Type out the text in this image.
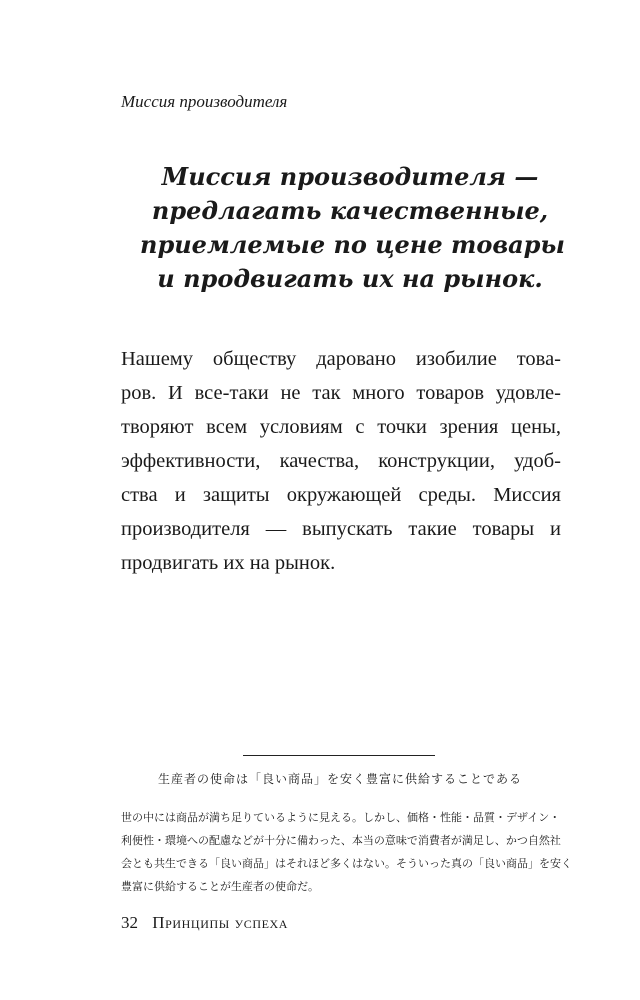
Миссия производителя
Миссия производителя —
предлагать качественные,
приемлемые по цене товары
и продвигать их на рынок.
Нашему обществу даровано изобилие това-
ров. И все-таки не так много товаров удовле-
творяют всем условиям с точки зрения цены,
эффективности, качества, конструкции, удоб-
ства и защиты окружающей среды. Миссия
производителя — выпускать такие товары и
продвигать их на рынок.
生産者の使命は「良い商品」を安く豊富に供給することである
世の中には商品が満ち足りているように見える。しかし、価格・性能・品質・デザイン・
利便性・環境への配慮などが十分に備わった、本当の意味で消費者が満足し、かつ自然社
会とも共生できる「良い商品」はそれほど多くはない。そういった真の「良い商品」を安く
豊富に供給することが生産者の使命だ。
32 Принципы успеха
